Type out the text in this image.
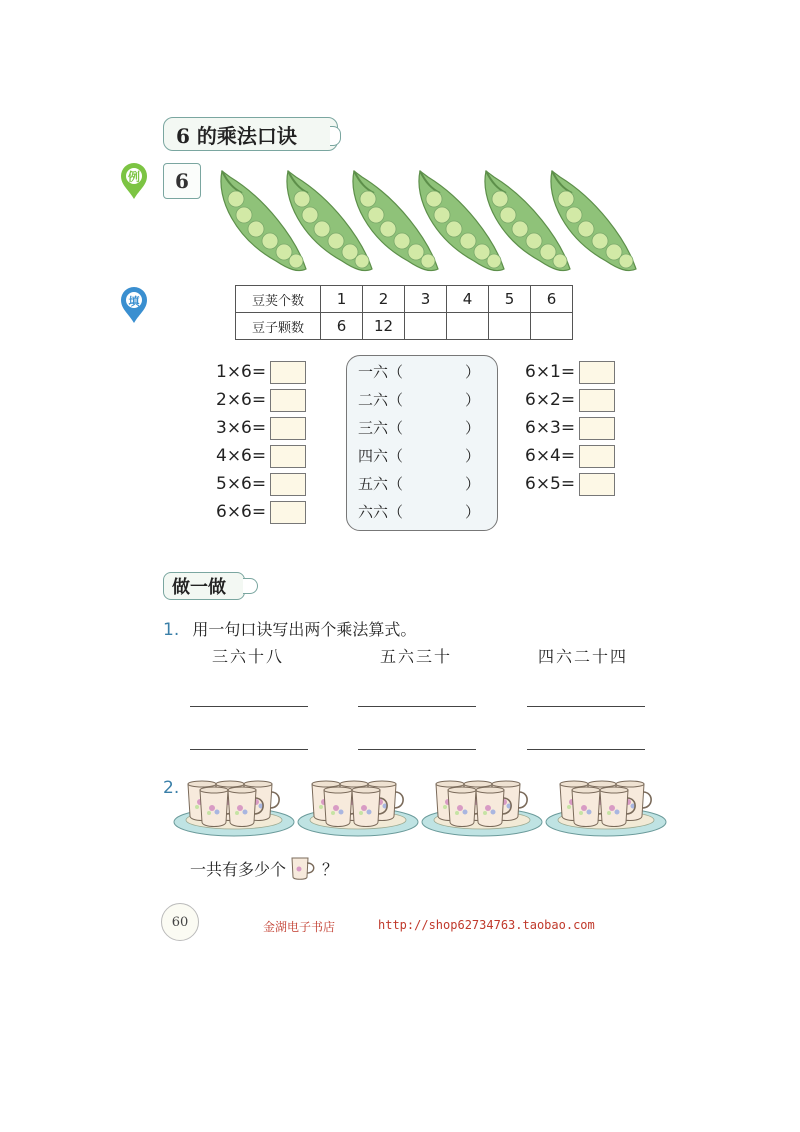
6 的乘法口诀
例	6
填	豆荚个数	1	2	3	4	5	6
豆子颗数	6	12				
1×6=
2×6=
3×6=
4×6=
5×6=
6×6=
一六（	）
二六（	）
三六（	）
四六（	）
五六（	）
六六（	）
6×1=
6×2=
6×3=
6×4=
6×5=
做一做
1. 用一句口诀写出两个乘法算式。
三六十八	五六三十	四六二十四
2.
一共有多少个 ？
60	金湖电子书店	http://shop62734763.taobao.com
